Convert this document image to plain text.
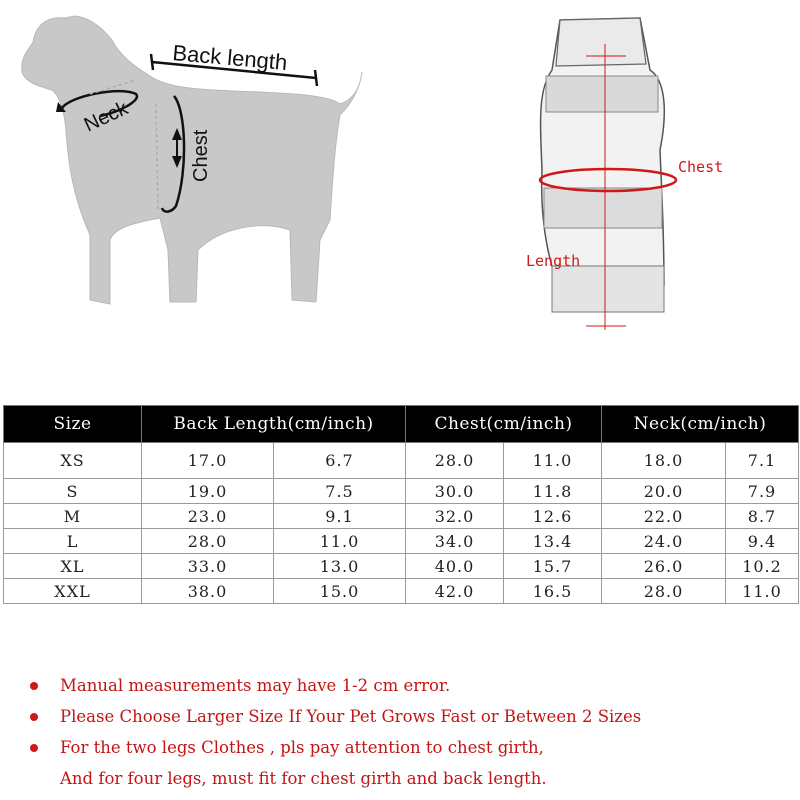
Back length
Neck
Chest	Chest
Length
Size	Back Length(cm/inch)		Chest(cm/inch)		Neck(cm/inch)	
XS	17.0	6.7	28.0	11.0	18.0	7.1
S	19.0	7.5	30.0	11.8	20.0	7.9
M	23.0	9.1	32.0	12.6	22.0	8.7
L	28.0	11.0	34.0	13.4	24.0	9.4
XL	33.0	13.0	40.0	15.7	26.0	10.2
XXL	38.0	15.0	42.0	16.5	28.0	11.0
Manual measurements may have 1-2 cm error.
Please Choose Larger Size If Your Pet Grows Fast or Between 2 Sizes
For the two legs Clothes , pls pay attention to chest girth,
And for four legs, must fit for chest girth and back length.
